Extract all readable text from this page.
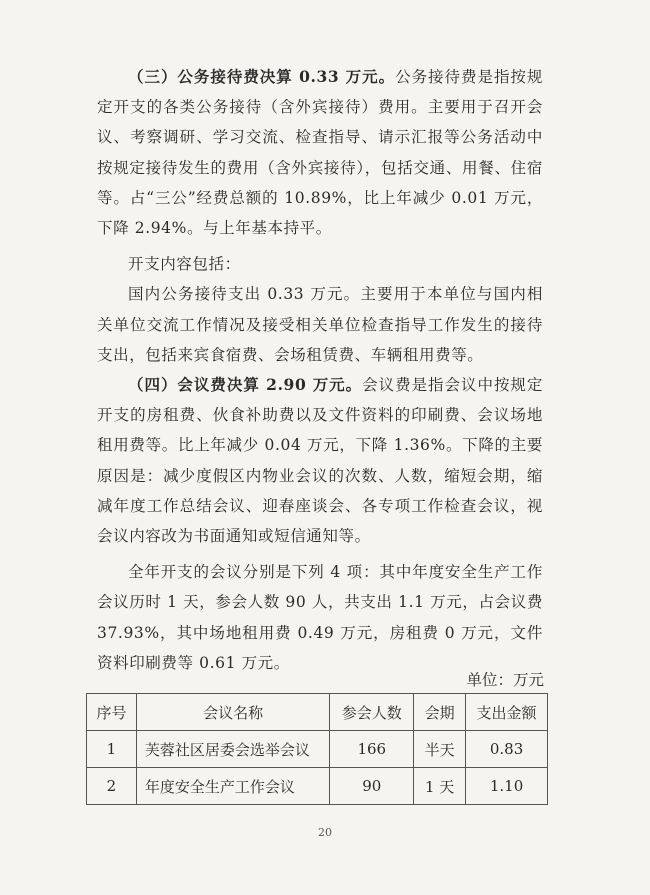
（三）公务接待费决算 0.33 万元。公务接待费是指按规定开支的各类公务接待（含外宾接待）费用。主要用于召开会议、考察调研、学习交流、检查指导、请示汇报等公务活动中按规定接待发生的费用（含外宾接待），包括交通、用餐、住宿等。占“三公”经费总额的 10.89%，比上年减少 0.01 万元，下降 2.94%。与上年基本持平。

开支内容包括：

国内公务接待支出 0.33 万元。主要用于本单位与国内相关单位交流工作情况及接受相关单位检查指导工作发生的接待支出，包括来宾食宿费、会场租赁费、车辆租用费等。

（四）会议费决算 2.90 万元。会议费是指会议中按规定开支的房租费、伙食补助费以及文件资料的印刷费、会议场地租用费等。比上年减少 0.04 万元，下降 1.36%。下降的主要原因是：减少度假区内物业会议的次数、人数，缩短会期，缩减年度工作总结会议、迎春座谈会、各专项工作检查会议，视会议内容改为书面通知或短信通知等。

全年开支的会议分别是下列 4 项：其中年度安全生产工作会议历时 1 天，参会人数 90 人，共支出 1.1 万元，占会议费 37.93%，其中场地租用费 0.49 万元，房租费 0 万元，文件资料印刷费等 0.61 万元。

单位：万元
序号	会议名称	参会人数	会期	支出金额
1	芙蓉社区居委会选举会议	166	半天	0.83
2	年度安全生产工作会议	90	1 天	1.10
20
